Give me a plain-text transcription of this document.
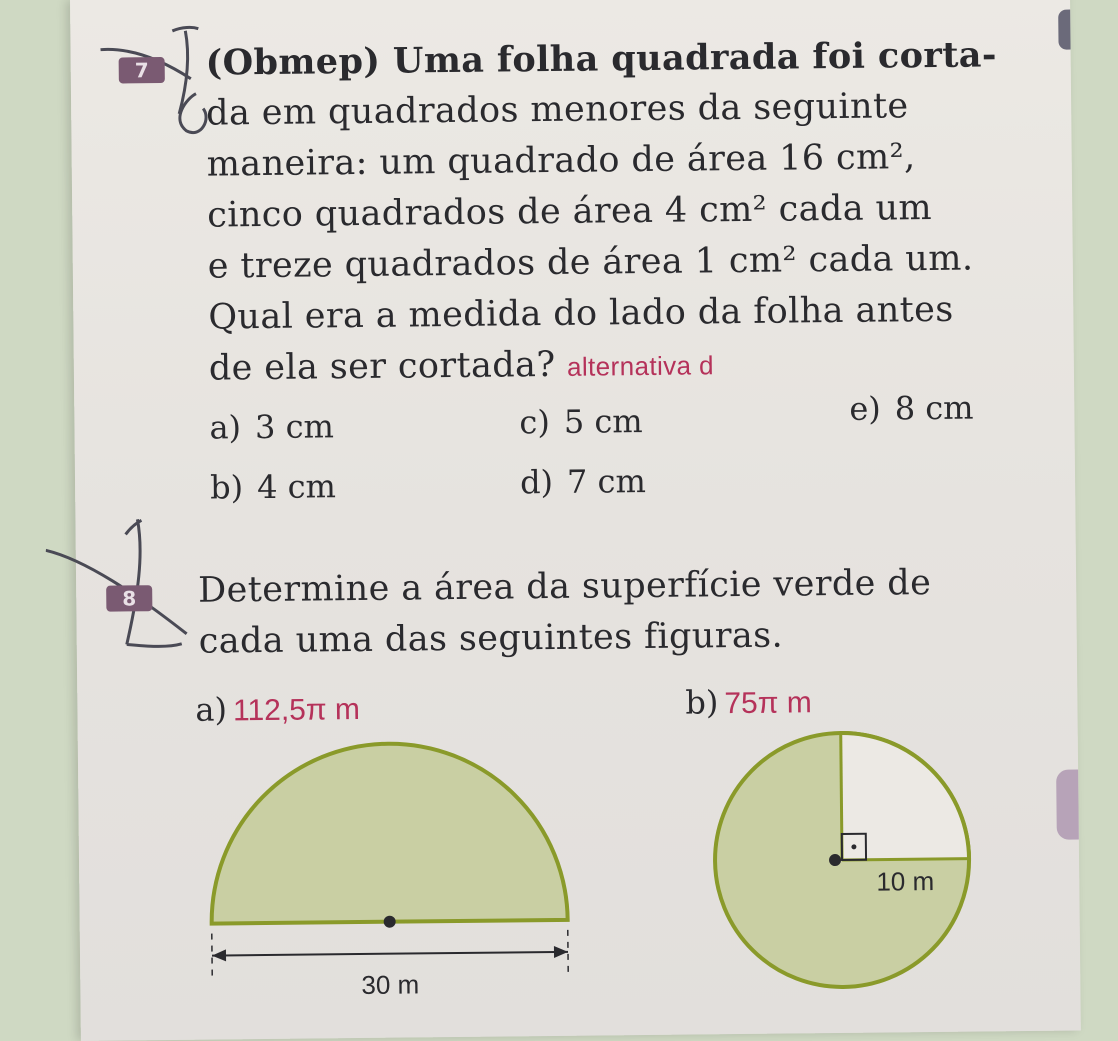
7	(Obmep) Uma folha quadrada foi corta-
da em quadrados menores da seguinte
maneira: um quadrado de área 16 cm²,
cinco quadrados de área 4 cm² cada um
e treze quadrados de área 1 cm² cada um.
Qual era a medida do lado da folha antes
de ela ser cortada? alternativa d
a) 3 cm
b) 4 cm
c) 5 cm
d) 7 cm
e) 8 cm
8	Determine a área da superfície verde de
cada uma das seguintes figuras.
a) 112,5π m	b) 75π m
30 m
10 m
